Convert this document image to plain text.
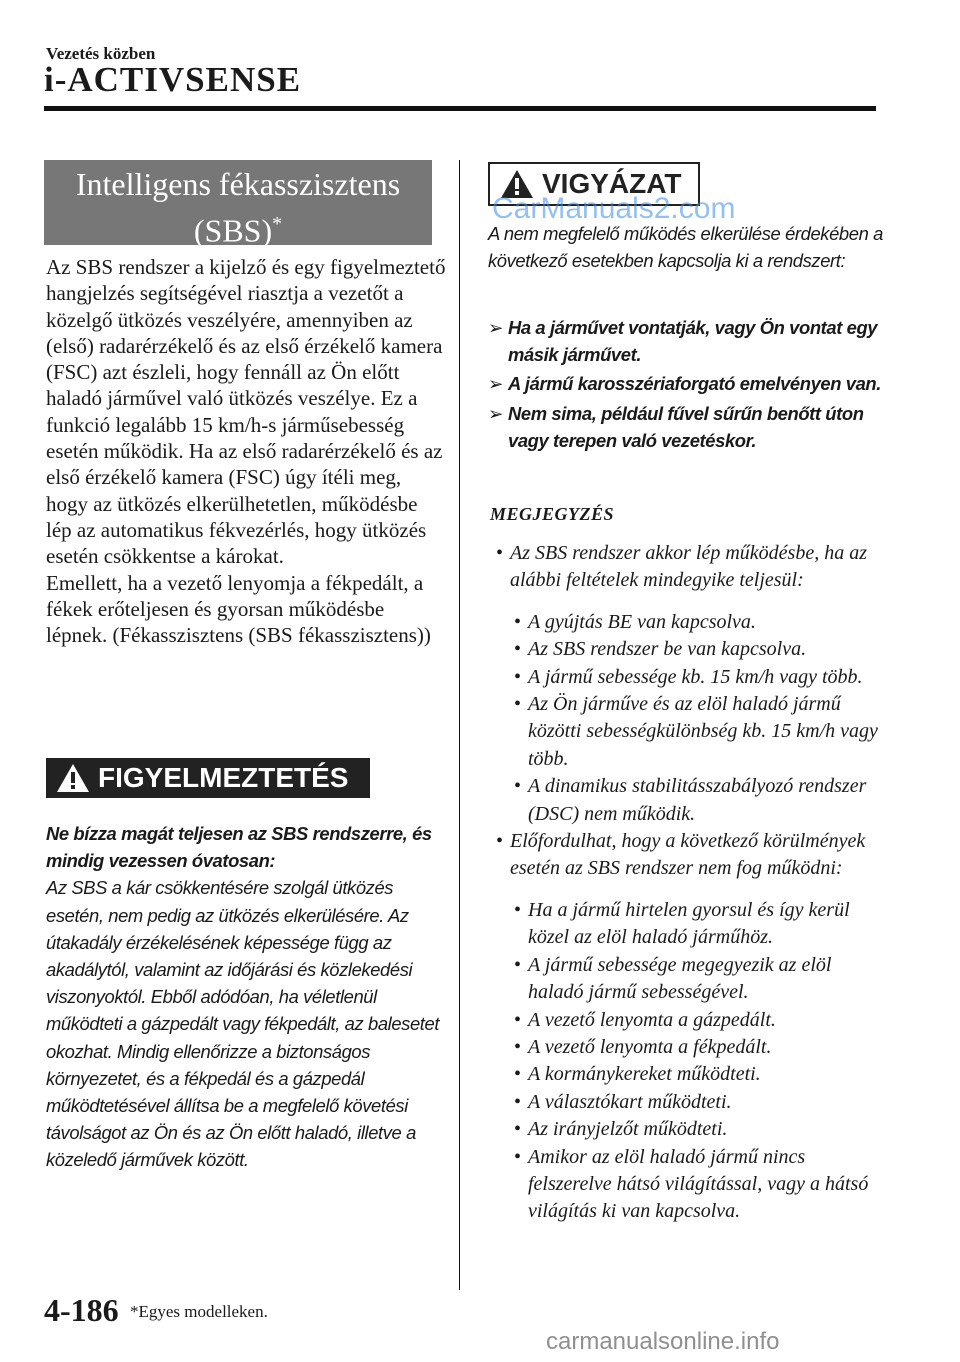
Vezetés közben
i-ACTIVSENSE
Intelligens fékasszisztens
(SBS)*

Az SBS rendszer a kijelző és egy figyelmeztető hangjelzés segítségével riasztja a vezetőt a közelgő ütközés veszélyére, amennyiben az (első) radarérzékelő és az első érzékelő kamera (FSC) azt észleli, hogy fennáll az Ön előtt haladó járművel való ütközés veszélye. Ez a funkció legalább 15 km/h-s járműsebesség esetén működik. Ha az első radarérzékelő és az első érzékelő kamera (FSC) úgy ítéli meg, hogy az ütközés elkerülhetetlen, működésbe lép az automatikus fékvezérlés, hogy ütközés esetén csökkentse a károkat.

Emellett, ha a vezető lenyomja a fékpedált, a fékek erőteljesen és gyorsan működésbe lépnek. (Fékasszisztens (SBS fékasszisztens))

FIGYELMEZTETÉS
Ne bízza magát teljesen az SBS rendszerre, és mindig vezessen óvatosan:
Az SBS a kár csökkentésére szolgál ütközés esetén, nem pedig az ütközés elkerülésére. Az útakadály érzékelésének képessége függ az akadálytól, valamint az időjárási és közlekedési viszonyoktól. Ebből adódóan, ha véletlenül működteti a gázpedált vagy fékpedált, az balesetet okozhat. Mindig ellenőrizze a biztonságos környezetet, és a fékpedál és a gázpedál működtetésével állítsa be a megfelelő követési távolságot az Ön és az Ön előtt haladó, illetve a közeledő járművek között.
VIGYÁZAT
CarManuals2.com
A nem megfelelő működés elkerülése érdekében a következő esetekben kapcsolja ki a rendszert:
➢ Ha a járművet vontatják, vagy Ön vontat egy másik járművet.
➢ A jármű karosszériaforgató emelvényen van.
➢ Nem sima, például fűvel sűrűn benőtt úton vagy terepen való vezetéskor.
MEGJEGYZÉS
• Az SBS rendszer akkor lép működésbe, ha az alábbi feltételek mindegyike teljesül:
• A gyújtás BE van kapcsolva.
• Az SBS rendszer be van kapcsolva.
• A jármű sebessége kb. 15 km/h vagy több.
• Az Ön járműve és az elöl haladó jármű közötti sebességkülönbség kb. 15 km/h vagy több.
• A dinamikus stabilitásszabályozó rendszer (DSC) nem működik.
• Előfordulhat, hogy a következő körülmények esetén az SBS rendszer nem fog működni:
• Ha a jármű hirtelen gyorsul és így kerül közel az elöl haladó járműhöz.
• A jármű sebessége megegyezik az elöl haladó jármű sebességével.
• A vezető lenyomta a gázpedált.
• A vezető lenyomta a fékpedált.
• A kormánykereket működteti.
• A választókart működteti.
• Az irányjelzőt működteti.
• Amikor az elöl haladó jármű nincs felszerelve hátsó világítással, vagy a hátsó világítás ki van kapcsolva.
4-186 *Egyes modelleken.
carmanualsonline.info
